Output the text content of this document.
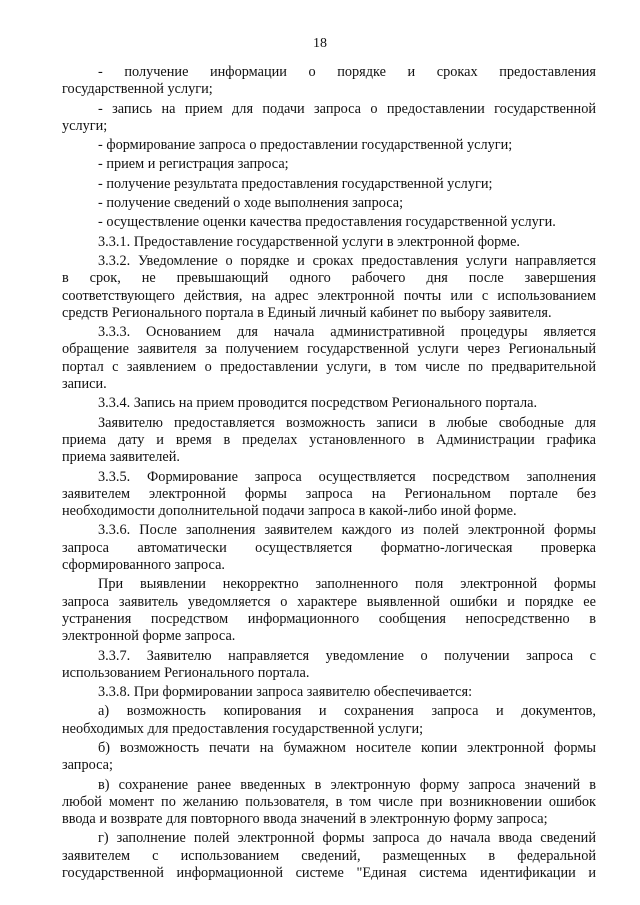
18
- получение информации о порядке и сроках предоставления
государственной услуги;
- запись на прием для подачи запроса о предоставлении государственной
услуги;
- формирование запроса о предоставлении государственной услуги;
- прием и регистрация запроса;
- получение результата предоставления государственной услуги;
- получение сведений о ходе выполнения запроса;
- осуществление оценки качества предоставления государственной услуги.
3.3.1. Предоставление государственной услуги в электронной форме.
3.3.2. Уведомление о порядке и сроках предоставления услуги направляется
в срок, не превышающий одного рабочего дня после завершения
соответствующего действия, на адрес электронной почты или с использованием
средств Регионального портала в Единый личный кабинет по выбору заявителя.
3.3.3. Основанием для начала административной процедуры является
обращение заявителя за получением государственной услуги через Региональный
портал с заявлением о предоставлении услуги, в том числе по предварительной
записи.
3.3.4. Запись на прием проводится посредством Регионального портала.
Заявителю предоставляется возможность записи в любые свободные для
приема дату и время в пределах установленного в Администрации графика
приема заявителей.
3.3.5. Формирование запроса осуществляется посредством заполнения
заявителем электронной формы запроса на Региональном портале без
необходимости дополнительной подачи запроса в какой-либо иной форме.
3.3.6. После заполнения заявителем каждого из полей электронной формы
запроса автоматически осуществляется форматно-логическая проверка
сформированного запроса.
При выявлении некорректно заполненного поля электронной формы
запроса заявитель уведомляется о характере выявленной ошибки и порядке ее
устранения посредством информационного сообщения непосредственно в
электронной форме запроса.
3.3.7. Заявителю направляется уведомление о получении запроса с
использованием Регионального портала.
3.3.8. При формировании запроса заявителю обеспечивается:
а) возможность копирования и сохранения запроса и документов,
необходимых для предоставления государственной услуги;
б) возможность печати на бумажном носителе копии электронной формы
запроса;
в) сохранение ранее введенных в электронную форму запроса значений в
любой момент по желанию пользователя, в том числе при возникновении ошибок
ввода и возврате для повторного ввода значений в электронную форму запроса;
г) заполнение полей электронной формы запроса до начала ввода сведений
заявителем с использованием сведений, размещенных в федеральной
государственной информационной системе "Единая система идентификации и
